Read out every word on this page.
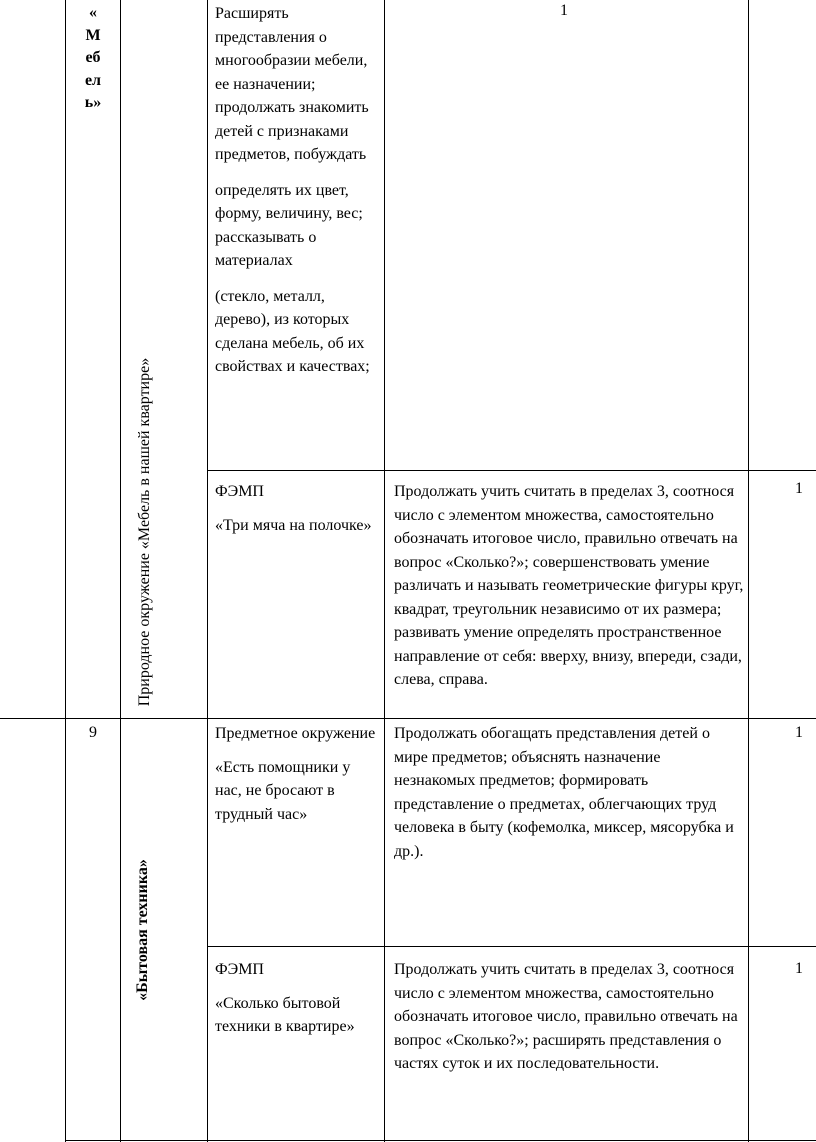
«
М
еб
ел
ь»
Природное окружение «Мебель в нашей квартире»

Расширять представления о многообразии мебели, ее назначении; продолжать знакомить детей с признаками предметов, побуждать

определять их цвет, форму, величину, вес; рассказывать о материалах

(стекло, металл, дерево), из которых сделана мебель, об их свойствах и качествах;

1

ФЭМП

«Три мяча на полочке»

Продолжать учить считать в пределах 3, соотнося число с элементом множества, самостоятельно обозначать итоговое число, правильно отвечать на вопрос «Сколько?»; совершенствовать умение различать и называть геометрические фигуры круг, квадрат, треугольник независимо от их размера; развивать умение определять пространственное направление от себя: вверху, внизу, впереди, сзади, слева, справа.
1
9
«Бытовая техника»

Предметное окружение

«Есть помощники у нас, не бросают в трудный час»

Продолжать обогащать представления детей о мире предметов; объяснять назначение незнакомых предметов; формировать представление о предметах, облегчающих труд человека в быту (кофемолка, миксер, мясорубка и др.).
1

ФЭМП

«Сколько бытовой техники в квартире»

Продолжать учить считать в пределах 3, соотнося число с элементом множества, самостоятельно обозначать итоговое число, правильно отвечать на вопрос «Сколько?»; расширять представления о частях суток и их последовательности.
1
